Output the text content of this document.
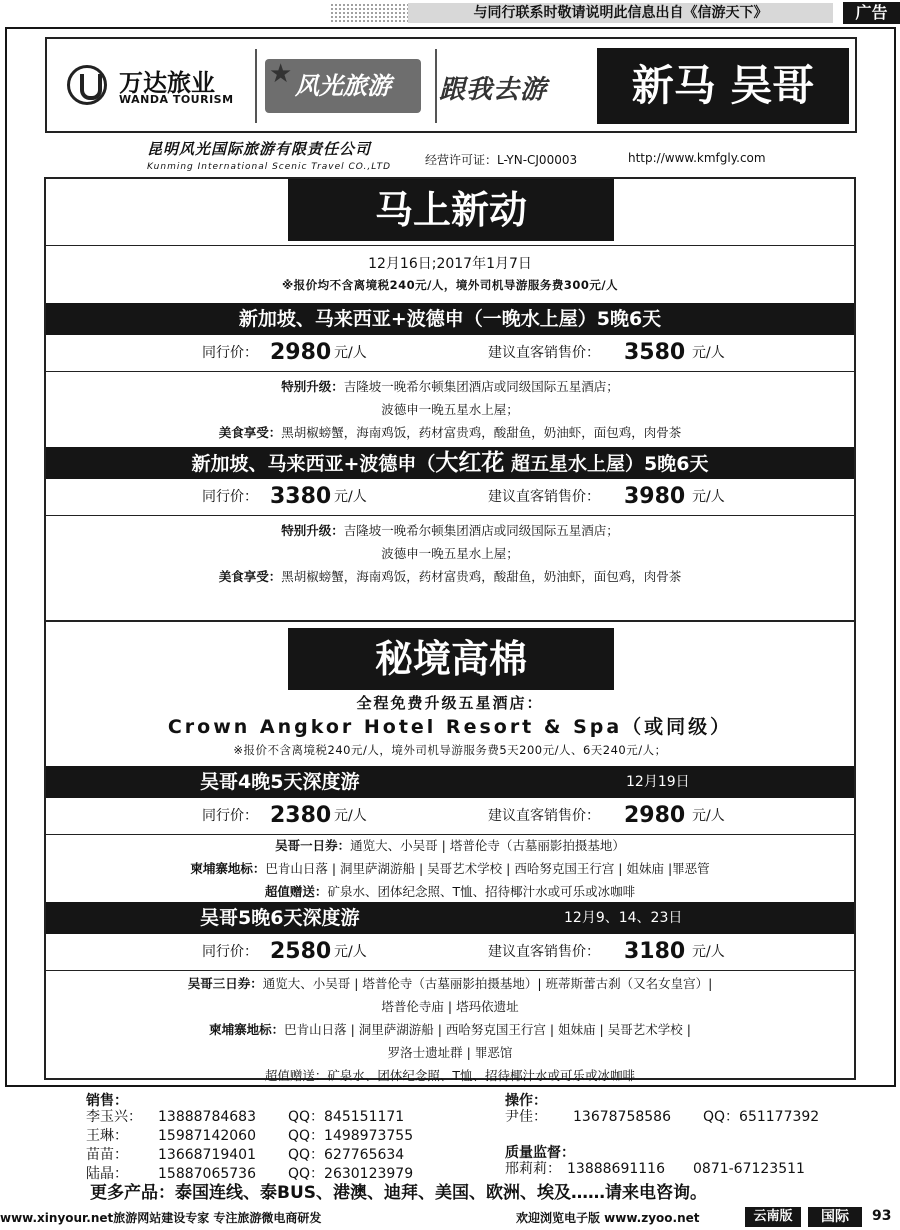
与同行联系时敬请说明此信息出自《信游天下》	广告
万达旅业
WANDA TOURISM
★ 风光旅游	跟我去游	新马 吴哥
昆明风光国际旅游有限责任公司
Kunming International Scenic Travel CO.,LTD	经营许可证：L-YN-CJ00003	http://www.kmfgly.com
马上新动
12月16日;2017年1月7日
※报价均不含离境税240元/人，境外司机导游服务费300元/人
新加坡、马来西亚+波德申（一晚水上屋）5晚6天
同行价： 2980 元/人	建议直客销售价： 3580 元/人
特别升级：吉隆坡一晚希尔顿集团酒店或同级国际五星酒店；
波德申一晚五星水上屋；
美食享受：黑胡椒螃蟹，海南鸡饭，药材富贵鸡，酸甜鱼，奶油虾，面包鸡，肉骨茶
新加坡、马来西亚+波德申（大红花 超五星水上屋）5晚6天
同行价： 3380 元/人	建议直客销售价： 3980 元/人
特别升级：吉隆坡一晚希尔顿集团酒店或同级国际五星酒店；
波德申一晚五星水上屋；
美食享受：黑胡椒螃蟹，海南鸡饭，药材富贵鸡，酸甜鱼，奶油虾，面包鸡，肉骨茶
秘境高棉
全程免费升级五星酒店：
Crown Angkor Hotel Resort & Spa（或同级）
※报价不含离境税240元/人，境外司机导游服务费5天200元/人、6天240元/人；
吴哥4晚5天深度游	12月19日
同行价： 2380 元/人	建议直客销售价： 2980 元/人
吴哥一日券：通览大、小吴哥 | 塔普伦寺（古墓丽影拍摄基地）
柬埔寨地标：巴肯山日落 | 洞里萨湖游船 | 吴哥艺术学校 | 西哈努克国王行宫 | 姐妹庙 |罪恶管
超值赠送：矿泉水、团体纪念照、T恤、招待椰汁水或可乐或冰咖啡
吴哥5晚6天深度游	12月9、14、23日
同行价： 2580 元/人	建议直客销售价： 3180 元/人
吴哥三日券：通览大、小吴哥 | 塔普伦寺（古墓丽影拍摄基地）| 班蒂斯蕾古刹（又名女皇宫）|
塔普伦寺庙 | 塔玛依遗址
柬埔寨地标：巴肯山日落 | 洞里萨湖游船 | 西哈努克国王行宫 | 姐妹庙 | 吴哥艺术学校 |
罗洛士遗址群 | 罪恶馆
超值赠送：矿泉水、团体纪念照、T恤、招待椰汁水或可乐或冰咖啡
销售：
李玉兴： 13888784683 QQ：845151171
王琳： 15987142060 QQ：1498973755
苗苗： 13668719401 QQ：627765634
陆晶： 15887065736 QQ：2630123979
操作：
尹佳： 13678758586 QQ：651177392
质量监督：
邢莉莉： 13888691116 0871-67123511
更多产品：泰国连线、泰BUS、港澳、迪拜、美国、欧洲、埃及……请来电咨询。
www.xinyour.net旅游网站建设专家 专注旅游微电商研发	欢迎浏览电子版 www.zyoo.net	云南版	国际	93
